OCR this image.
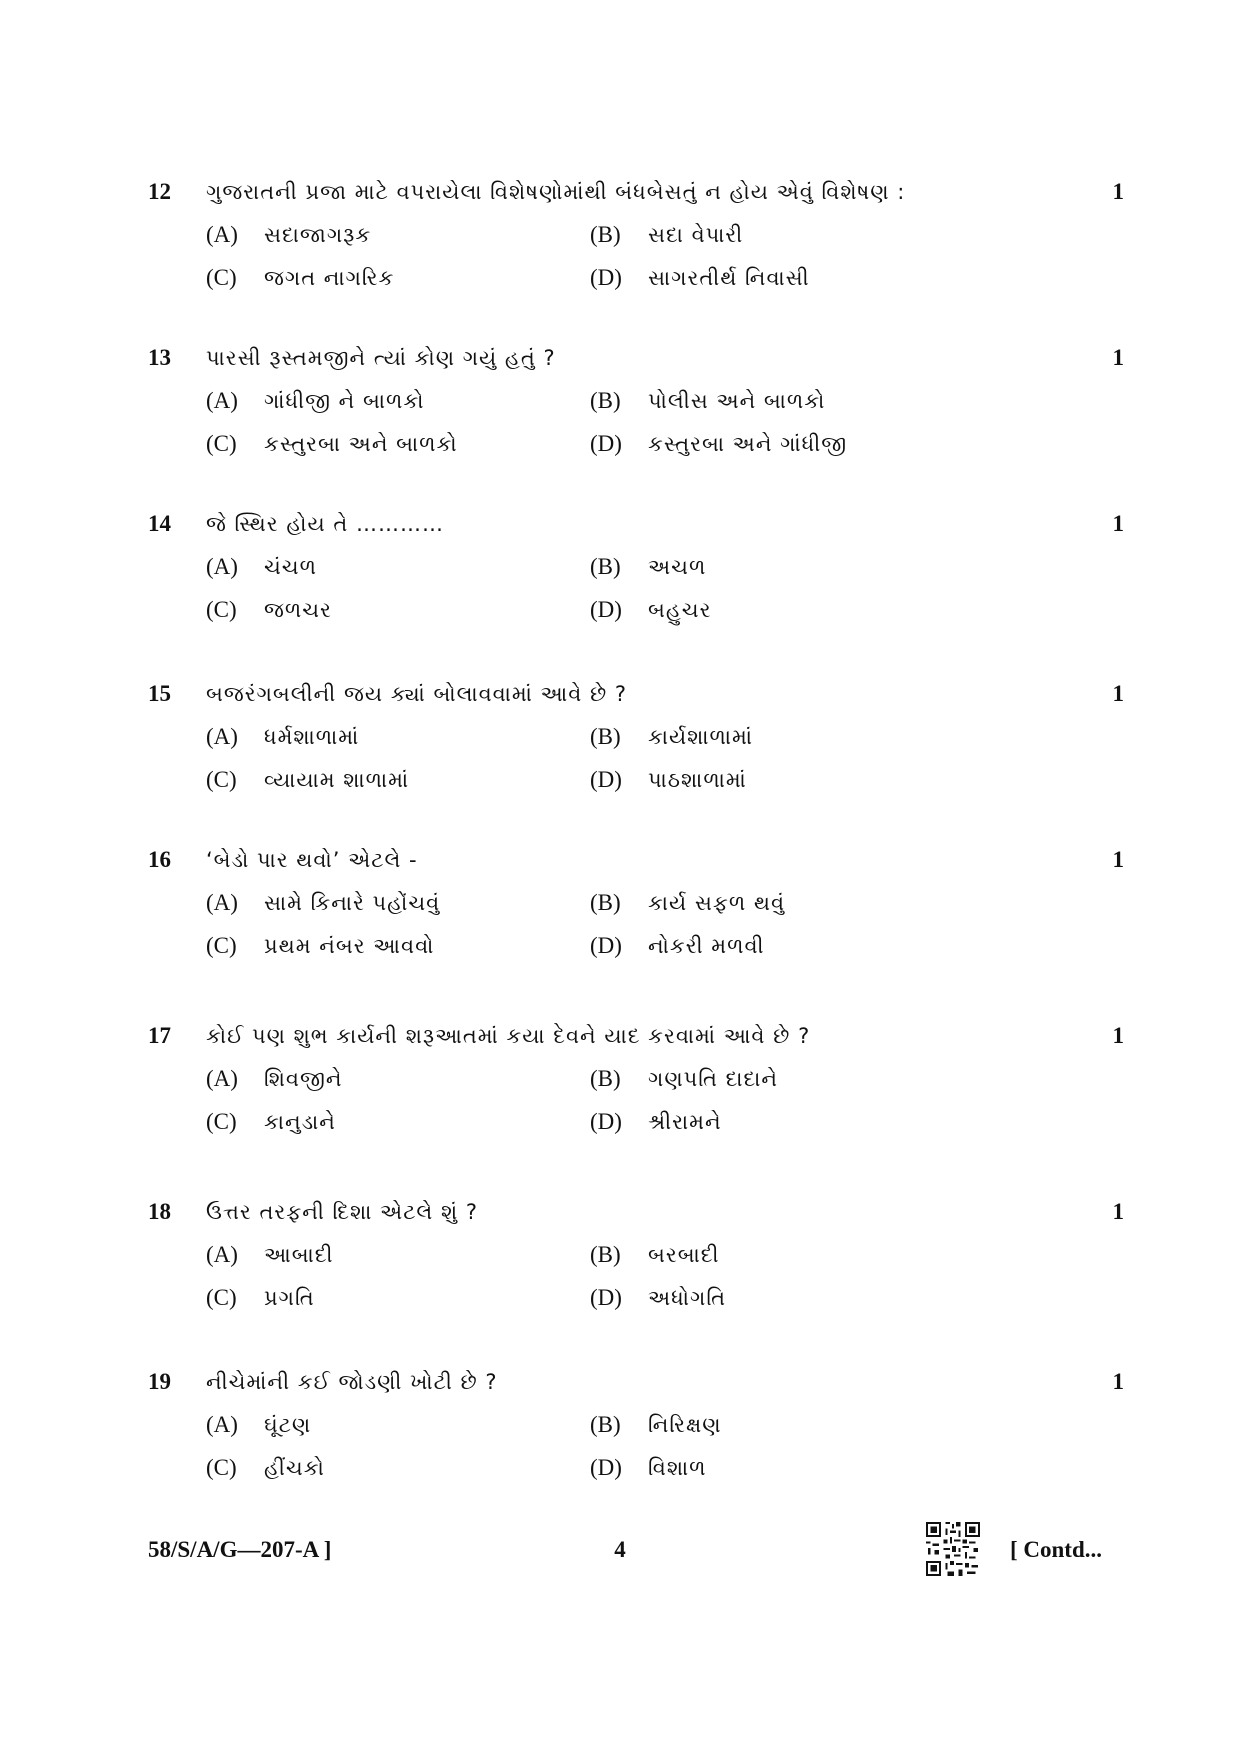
12 ગુજરાતની પ્રજા માટે વપરાયેલા વિશેષણોમાંથી બંધબેસતું ન હોય એવું વિશેષણ :	1
(A) સદાજાગરૂક	(B) સદા વેપારી
(C) જગત નાગરિક	(D) સાગરતીર્થ નિવાસી
13 પારસી રૂસ્તમજીને ત્યાં કોણ ગયું હતું ?	1
(A) ગાંધીજી ને બાળકો	(B) પોલીસ અને બાળકો
(C) કસ્તુરબા અને બાળકો	(D) કસ્તુરબા અને ગાંધીજી
14 જે સ્થિર હોય તે …………	1
(A) ચંચળ	(B) અચળ
(C) જળચર	(D) બહુચર
15 બજરંગબલીની જય ક્યાં બોલાવવામાં આવે છે ?	1
(A) ધર્મશાળામાં	(B) કાર્યશાળામાં
(C) વ્યાયામ શાળામાં	(D) પાઠશાળામાં
16 ‘બેડો પાર થવો’ એટલે -	1
(A) સામે કિનારે પહોંચવું	(B) કાર્ય સફળ થવું
(C) પ્રથમ નંબર આવવો	(D) નોકરી મળવી
17 કોઈ પણ શુભ કાર્યની શરૂઆતમાં કયા દેવને યાદ કરવામાં આવે છે ?	1
(A) શિવજીને	(B) ગણપતિ દાદાને
(C) કાનુડાને	(D) શ્રીરામને
18 ઉત્તર તરફની દિશા એટલે શું ?	1
(A) આબાદી	(B) બરબાદી
(C) પ્રગતિ	(D) અધોગતિ
19 નીચેમાંની કઈ જોડણી ખોટી છે ?	1
(A) ઘૂંટણ	(B) નિરિક્ષણ
(C) હીંચકો	(D) વિશાળ
58/S/A/G—207-A ]	4	[ Contd...
